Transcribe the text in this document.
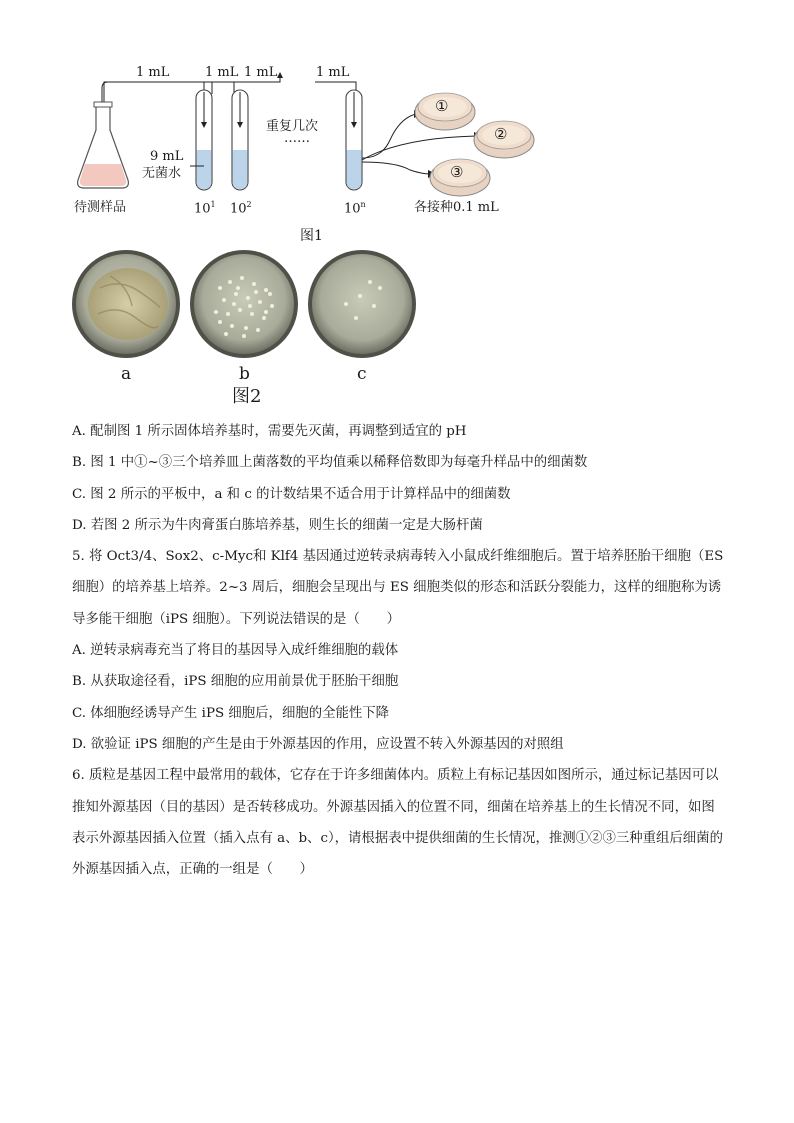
1 mL	1 mL 1 mL	1 mL
9 mL
无菌水
待测样品
重复几次
……
$10^1$ $10^2$	10$^n$
①
②
③
各接种0.1 mL
图1
a	b	c
图2

A. 配制图 1 所示固体培养基时，需要先灭菌，再调整到适宜的 pH

B. 图 1 中①~③三个培养皿上菌落数的平均值乘以稀释倍数即为每毫升样品中的细菌数

C. 图 2 所示的平板中，a 和 c 的计数结果不适合用于计算样品中的细菌数

D. 若图 2 所示为牛肉膏蛋白胨培养基，则生长的细菌一定是大肠杆菌

5. 将 Oct3/4、Sox2、c-Myc和 Klf4 基因通过逆转录病毒转入小鼠成纤维细胞后。置于培养胚胎干细胞（ES 细胞）的培养基上培养。2~3 周后，细胞会呈现出与 ES 细胞类似的形态和活跃分裂能力，这样的细胞称为诱导多能干细胞（iPS 细胞）。下列说法错误的是（　　）

A. 逆转录病毒充当了将目的基因导入成纤维细胞的载体

B. 从获取途径看，iPS 细胞的应用前景优于胚胎干细胞

C. 体细胞经诱导产生 iPS 细胞后，细胞的全能性下降

D. 欲验证 iPS 细胞的产生是由于外源基因的作用，应设置不转入外源基因的对照组

6. 质粒是基因工程中最常用的载体，它存在于许多细菌体内。质粒上有标记基因如图所示，通过标记基因可以推知外源基因（目的基因）是否转移成功。外源基因插入的位置不同，细菌在培养基上的生长情况不同，如图表示外源基因插入位置（插入点有 a、b、c），请根据表中提供细菌的生长情况，推测①②③三种重组后细菌的外源基因插入点，正确的一组是（　　）
